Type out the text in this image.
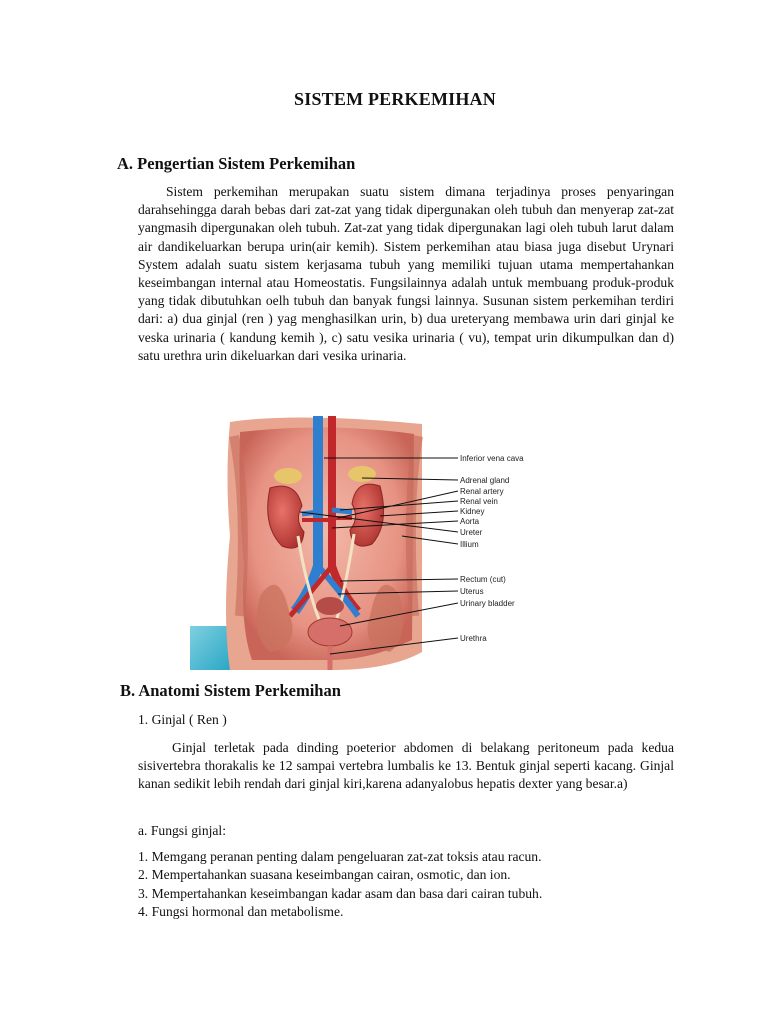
SISTEM PERKEMIHAN
A. Pengertian Sistem Perkemihan
Sistem perkemihan merupakan suatu sistem dimana terjadinya proses penyaringan darahsehingga darah bebas dari zat-zat yang tidak dipergunakan oleh tubuh dan menyerap zat-zat yangmasih dipergunakan oleh tubuh. Zat-zat yang tidak dipergunakan lagi oleh tubuh larut dalam air dandikeluarkan berupa urin(air kemih). Sistem perkemihan atau biasa juga disebut Urynari System adalah suatu sistem kerjasama tubuh yang memiliki tujuan utama mempertahankan keseimbangan internal atau Homeostatis. Fungsilainnya adalah untuk membuang produk-produk yang tidak dibutuhkan oelh tubuh dan banyak fungsi lainnya. Susunan sistem perkemihan terdiri dari: a) dua ginjal (ren ) yag menghasilkan urin, b) dua ureteryang membawa urin dari ginjal ke veska urinaria ( kandung kemih ), c) satu vesika urinaria ( vu), tempat urin dikumpulkan dan d) satu urethra urin dikeluarkan dari vesika urinaria.
Inferior vena cava
Adrenal gland
Renal artery
Renal vein
Kidney
Aorta
Ureter
Illium
Rectum (cut)
Uterus
Urinary bladder
Urethra
B. Anatomi Sistem Perkemihan
1. Ginjal ( Ren )
Ginjal terletak pada dinding poeterior abdomen di belakang peritoneum pada kedua sisivertebra thorakalis ke 12 sampai vertebra lumbalis ke 13. Bentuk ginjal seperti kacang. Ginjal kanan sedikit lebih rendah dari ginjal kiri,karena adanyalobus hepatis dexter yang besar.a)
a. Fungsi ginjal:
1. Memgang peranan penting dalam pengeluaran zat-zat toksis atau racun.
2. Mempertahankan suasana keseimbangan cairan, osmotic, dan ion.
3. Mempertahankan keseimbangan kadar asam dan basa dari cairan tubuh.
4. Fungsi hormonal dan metabolisme.
